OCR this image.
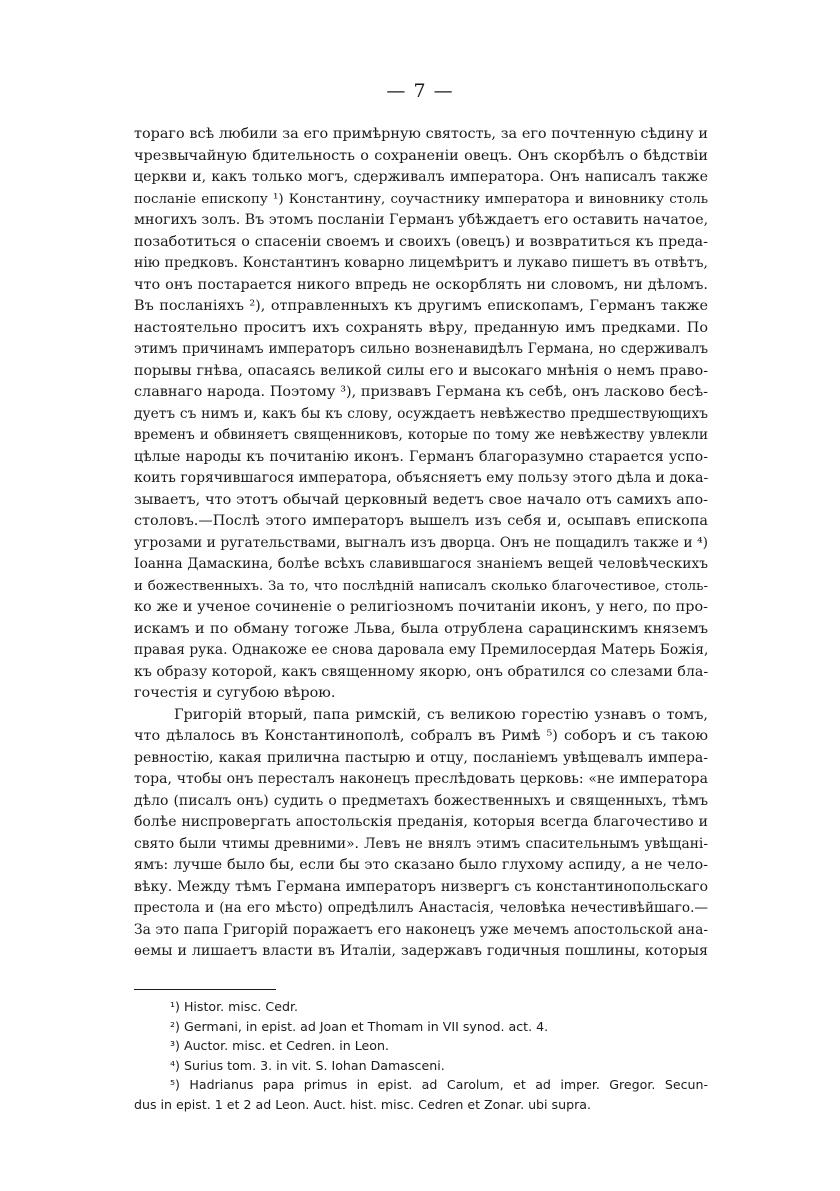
— 7 —
тораго всѣ любили за его примѣрную святость, за его почтенную сѣдину и
чрезвычайную бдительность о сохраненіи овецъ. Онъ скорбѣлъ о бѣдствіи
церкви и, какъ только могъ, сдерживалъ императора. Онъ написалъ также
посланіе епископу ¹) Константину, соучастнику императора и виновнику столь
многихъ золъ. Въ этомъ посланіи Германъ убѣждаетъ его оставить начатое,
позаботиться о спасеніи своемъ и своихъ (овецъ) и возвратиться къ преда-
нію предковъ. Константинъ коварно лицемѣритъ и лукаво пишетъ въ отвѣтъ,
что онъ постарается никого впредь не оскорблять ни словомъ, ни дѣломъ.
Въ посланіяхъ ²), отправленныхъ къ другимъ епископамъ, Германъ также
настоятельно проситъ ихъ сохранять вѣру, преданную имъ предками. По
этимъ причинамъ императоръ сильно возненавидѣлъ Германа, но сдерживалъ
порывы гнѣва, опасаясь великой силы его и высокаго мнѣнія о немъ право-
славнаго народа. Поэтому ³), призвавъ Германа къ себѣ, онъ ласково бесѣ-
дуетъ съ нимъ и, какъ бы къ слову, осуждаетъ невѣжество предшествующихъ
временъ и обвиняетъ священниковъ, которые по тому же невѣжеству увлекли
цѣлые народы къ почитанію иконъ. Германъ благоразумно старается успо-
коить горячившагося императора, объясняетъ ему пользу этого дѣла и дока-
зываетъ, что этотъ обычай церковный ведетъ свое начало отъ самихъ апо-
столовъ.—Послѣ этого императоръ вышелъ изъ себя и, осыпавъ епископа
угрозами и ругательствами, выгналъ изъ дворца. Онъ не пощадилъ также и ⁴)
Іоанна Дамаскина, болѣе всѣхъ славившагося знаніемъ вещей человѣческихъ
и божественныхъ. За то, что послѣдній написалъ сколько благочестивое, столь-
ко же и ученое сочиненіе о религіозномъ почитаніи иконъ, у него, по про-
искамъ и по обману тогоже Льва, была отрублена сарацинскимъ княземъ
правая рука. Однакоже ее снова даровала ему Премилосердая Матерь Божія,
къ образу которой, какъ священному якорю, онъ обратился со слезами бла-
гочестія и сугубою вѣрою.
Григорій вторый, папа римскій, съ великою горестію узнавъ о томъ,
что дѣлалось въ Константинополѣ, собралъ въ Римѣ ⁵) соборъ и съ такою
ревностію, какая прилична пастырю и отцу, посланіемъ увѣщевалъ импера-
тора, чтобы онъ пересталъ наконецъ преслѣдовать церковь: «не императора
дѣло (писалъ онъ) судить о предметахъ божественныхъ и священныхъ, тѣмъ
болѣе ниспровергать апостольскія преданія, которыя всегда благочестиво и
свято были чтимы древними». Левъ не внялъ этимъ спасительнымъ увѣщані-
ямъ: лучше было бы, если бы это сказано было глухому аспиду, а не чело-
вѣку. Между тѣмъ Германа императоръ низвергъ съ константинопольскаго
престола и (на его мѣсто) опредѣлилъ Анастасія, человѣка нечестивѣйшаго.—
За это папа Григорій поражаетъ его наконецъ уже мечемъ апостольской ана-
ѳемы и лишаетъ власти въ Италіи, задержавъ годичныя пошлины, которыя
¹) Histor. misc. Cedr.
²) Germani, in epist. ad Joan et Thomam in VII synod. act. 4.
³) Auctor. misc. et Cedren. in Leon.
⁴) Surius tom. 3. in vit. S. Iohan Damasceni.
⁵) Hadrianus papa primus in epist. ad Carolum, et ad imper. Gregor. Secun-
dus in epist. 1 et 2 ad Leon. Auct. hist. misc. Cedren et Zonar. ubi supra.
